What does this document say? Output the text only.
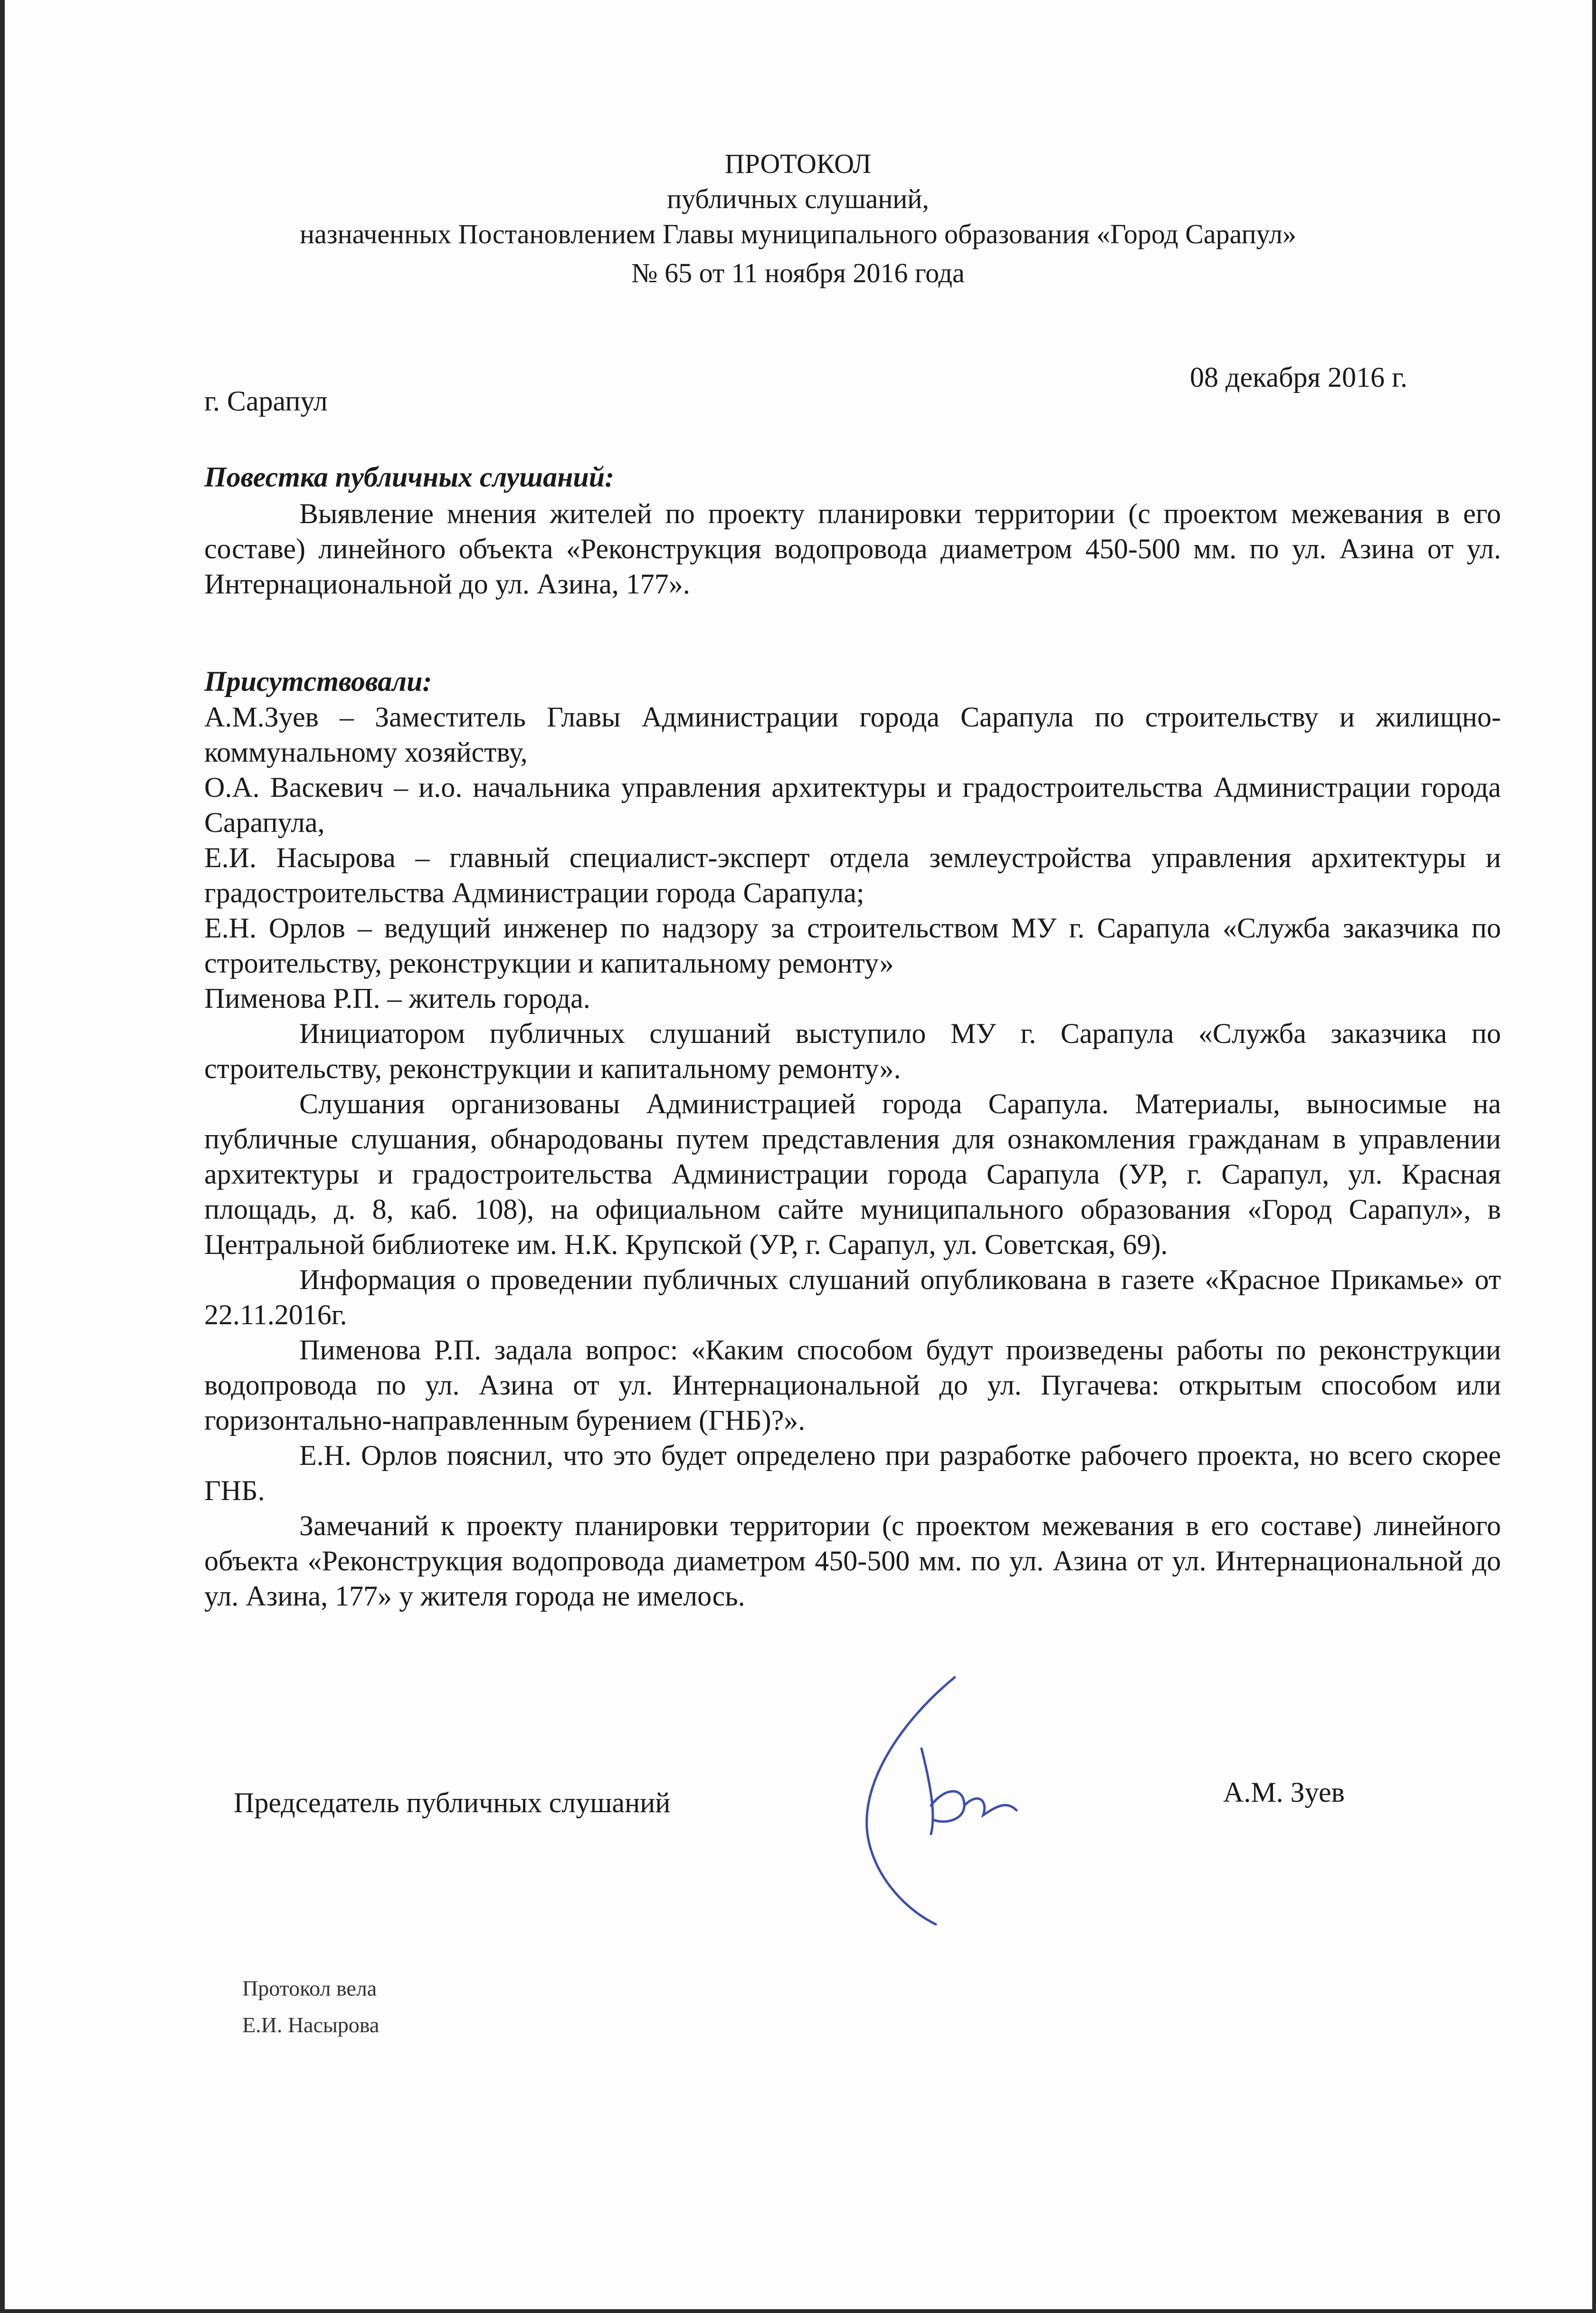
ПРОТОКОЛ
публичных слушаний,
назначенных Постановлением Главы муниципального образования «Город Сарапул»
№ 65 от 11 ноября 2016 года
08 декабря 2016 г.
г. Сарапул
Повестка публичных слушаний:

Выявление мнения жителей по проекту планировки территории (с проектом межевания в его составе) линейного объекта «Реконструкция водопровода диаметром 450-500 мм. по ул. Азина от ул. Интернациональной до ул. Азина, 177».

Присутствовали:

А.М.Зуев – Заместитель Главы Администрации города Сарапула по строительству и жилищно-коммунальному хозяйству,

О.А. Васкевич – и.о. начальника управления архитектуры и градостроительства Администрации города Сарапула,

Е.И. Насырова – главный специалист-эксперт отдела землеустройства управления архитектуры и градостроительства Администрации города Сарапула;

Е.Н. Орлов – ведущий инженер по надзору за строительством МУ г. Сарапула «Служба заказчика по строительству, реконструкции и капитальному ремонту»

Пименова Р.П. – житель города.

Инициатором публичных слушаний выступило МУ г. Сарапула «Служба заказчика по строительству, реконструкции и капитальному ремонту».

Слушания организованы Администрацией города Сарапула. Материалы, выносимые на публичные слушания, обнародованы путем представления для ознакомления гражданам в управлении архитектуры и градостроительства Администрации города Сарапула (УР, г. Сарапул, ул. Красная площадь, д. 8, каб. 108), на официальном сайте муниципального образования «Город Сарапул», в Центральной библиотеке им. Н.К. Крупской (УР, г. Сарапул, ул. Советская, 69).

Информация о проведении публичных слушаний опубликована в газете «Красное Прикамье» от 22.11.2016г.

Пименова Р.П. задала вопрос: «Каким способом будут произведены работы по реконструкции водопровода по ул. Азина от ул. Интернациональной до ул. Пугачева: открытым способом или горизонтально-направленным бурением (ГНБ)?».

Е.Н. Орлов пояснил, что это будет определено при разработке рабочего проекта, но всего скорее ГНБ.

Замечаний к проекту планировки территории (с проектом межевания в его составе) линейного объекта «Реконструкция водопровода диаметром 450-500 мм. по ул. Азина от ул. Интернациональной до ул. Азина, 177» у жителя города не имелось.

Председатель публичных слушаний	А.М. Зуев
Протокол вела
Е.И. Насырова
